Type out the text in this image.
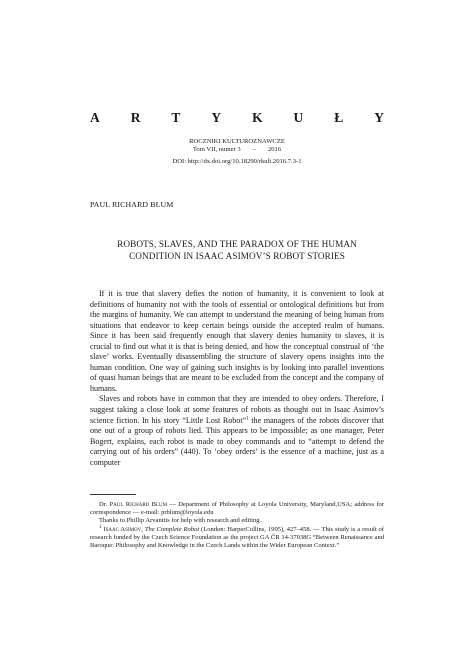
A R T Y K U Ł Y
ROCZNIKI KULTUROZNAWCZE
Tom VII, numer 3 – 2016
DOI: http://dx.doi.org/10.18290/rkult.2016.7.3-1
PAUL RICHARD BLUM
ROBOTS, SLAVES, AND THE PARADOX OF THE HUMAN
CONDITION IN ISAAC ASIMOV’S ROBOT STORIES

If it is true that slavery defies the notion of humanity, it is convenient to look at definitions of humanity not with the tools of essential or ontological definitions but from the margins of humanity. We can attempt to understand the meaning of being human from situations that endeavor to keep certain beings outside the accepted realm of humans. Since it has been said frequently enough that slavery denies humanity to slaves, it is crucial to find out what it is that is being denied, and how the conceptual construal of ‘the slave’ works. Eventually disassembling the structure of slavery opens insights into the human condition. One way of gaining such insights is by looking into parallel inventions of quasi human beings that are meant to be excluded from the concept and the company of humans.

Slaves and robots have in common that they are intended to obey orders. Therefore, I suggest taking a close look at some features of robots as thought out in Isaac Asimov’s science fiction. In his story “Little Lost Robot”$^1$ the managers of the robots discover that one out of a group of robots lied. This appears to be impossible; as one manager, Peter Bogert, explains, each robot is made to obey commands and to “attempt to defend the carrying out of his orders” (440). To ‘obey orders’ is the essence of a machine, just as a computer

Dr. Paul Richard Blum — Department of Philosophy at Loyola University, Maryland,USA; address for correspondence — e-mail: prblum@loyola.edu

Thanks to Phillip Arvanitis for help with research and editing.

$^1$ Isaac Asimov, The Complete Robot (London: HarperCollins, 1995), 427–458. — This study is a result of research funded by the Czech Science Foundation as the project GA ČR 14-37038G “Between Renaissance and Baroque: Philosophy and Knowledge in the Czech Lands within the Wider European Context.”
